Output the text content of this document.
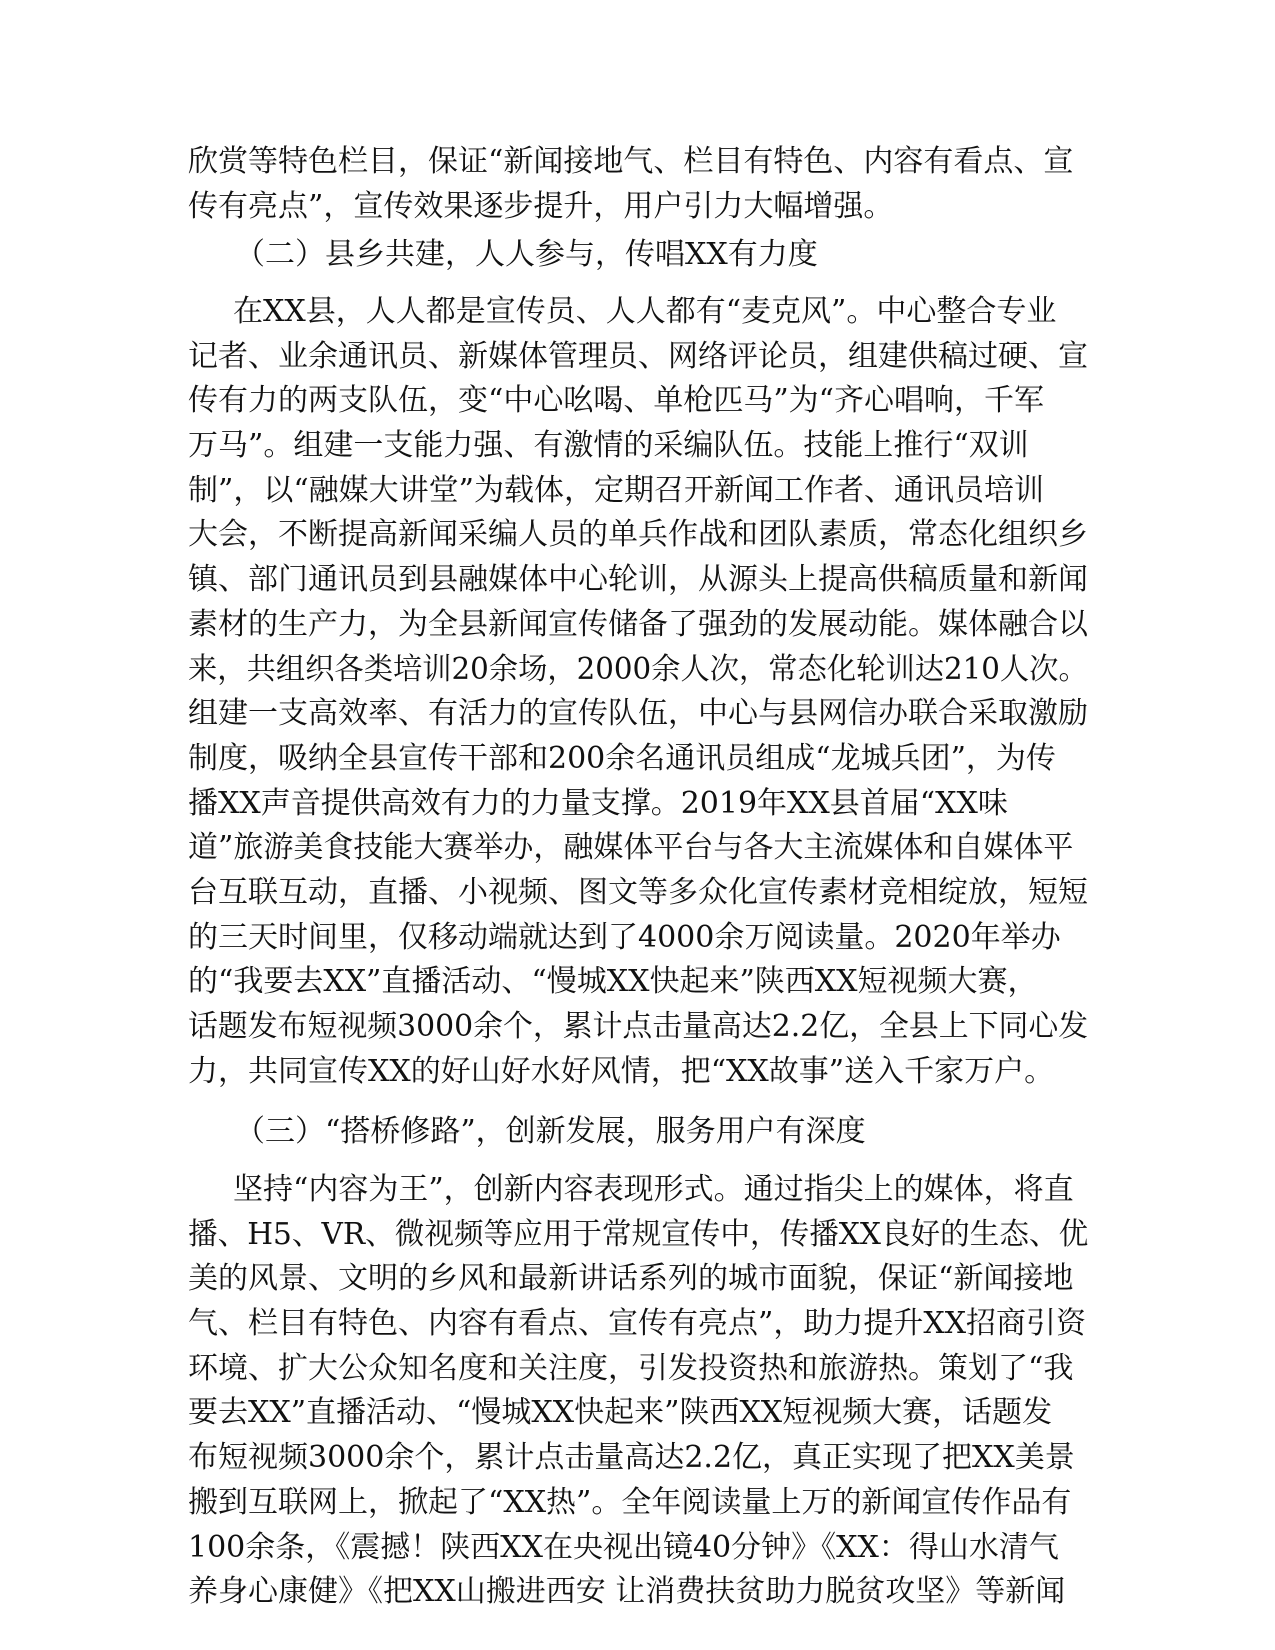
欣赏等特色栏目，保证“新闻接地气、栏目有特色、内容有看点、宣
传有亮点”，宣传效果逐步提升，用户引力大幅增强。
（二）县乡共建，人人参与，传唱XX有力度
在XX县，人人都是宣传员、人人都有“麦克风”。中心整合专业
记者、业余通讯员、新媒体管理员、网络评论员，组建供稿过硬、宣
传有力的两支队伍，变“中心吆喝、单枪匹马”为“齐心唱响，千军
万马”。组建一支能力强、有激情的采编队伍。技能上推行“双训
制”，以“融媒大讲堂”为载体，定期召开新闻工作者、通讯员培训
大会，不断提高新闻采编人员的单兵作战和团队素质，常态化组织乡
镇、部门通讯员到县融媒体中心轮训，从源头上提高供稿质量和新闻
素材的生产力，为全县新闻宣传储备了强劲的发展动能。媒体融合以
来，共组织各类培训20余场，2000余人次，常态化轮训达210人次。
组建一支高效率、有活力的宣传队伍，中心与县网信办联合采取激励
制度，吸纳全县宣传干部和200余名通讯员组成“龙城兵团”，为传
播XX声音提供高效有力的力量支撑。2019年XX县首届“XX味
道”旅游美食技能大赛举办，融媒体平台与各大主流媒体和自媒体平
台互联互动，直播、小视频、图文等多众化宣传素材竞相绽放，短短
的三天时间里，仅移动端就达到了4000余万阅读量。2020年举办
的“我要去XX”直播活动、“慢城XX快起来”陕西XX短视频大赛，
话题发布短视频3000余个，累计点击量高达2.2亿，全县上下同心发
力，共同宣传XX的好山好水好风情，把“XX故事”送入千家万户。
（三）“搭桥修路”，创新发展，服务用户有深度
坚持“内容为王”，创新内容表现形式。通过指尖上的媒体，将直
播、H5、VR、微视频等应用于常规宣传中，传播XX良好的生态、优
美的风景、文明的乡风和最新讲话系列的城市面貌，保证“新闻接地
气、栏目有特色、内容有看点、宣传有亮点”，助力提升XX招商引资
环境、扩大公众知名度和关注度，引发投资热和旅游热。策划了“我
要去XX”直播活动、“慢城XX快起来”陕西XX短视频大赛，话题发
布短视频3000余个，累计点击量高达2.2亿，真正实现了把XX美景
搬到互联网上，掀起了“XX热”。全年阅读量上万的新闻宣传作品有
100余条，《震撼！陕西XX在央视出镜40分钟》《XX：得山水清气
养身心康健》《把XX山搬进西安 让消费扶贫助力脱贫攻坚》等新闻
